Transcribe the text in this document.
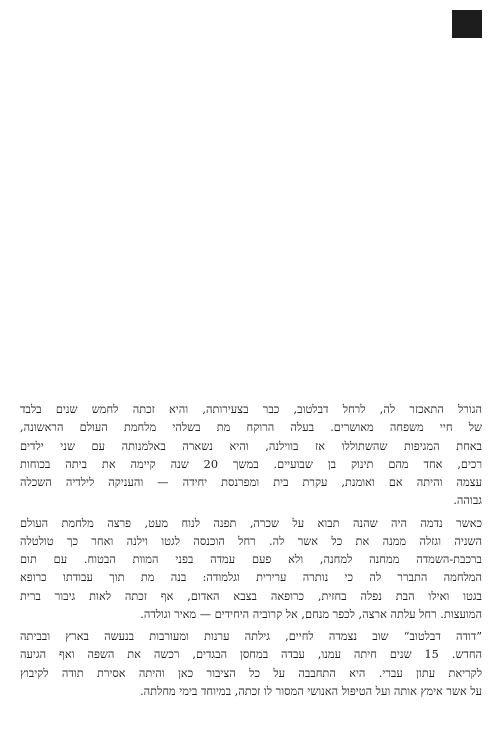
הגורל התאכזר לה, לרחל דבלטוב, כבר בצעירותה, והיא זכתה לחמש שנים בלבד
של חיי משפחה מאושרים. בעלה הרוקח מת בשלהי מלחמת העולם הראשונה,
באחת המגיפות שהשתוללו אז בווילנה, והיא נשארה באלמנותה עם שני ילדים
רכים, אחד מהם תינוק בן שבועיים. במשך 20 שנה קיימה את ביתה בכוחות
עצמה והיתה אם ואומנת, עקרת בית ומפרנסת יחידה — והעניקה לילדיה השכלה
גבוהה.
כאשר נדמה היה שהנה תבוא על שכרה, תפנה לנוח מעט, פרצה מלחמת העולם
השניה וגזלה ממנה את כל אשר לה. רחל הוכנסה לגטו וילנה ואחר כך טולטלה
ברכבת-השמדה ממחנה למחנה, ולא פעם עמדה בפני המוות הבטוח. עם תום
המלחמה התברר לה כי נותרה ערירית וגלמודה: בנה מת תוך עבודתו כרופא
בגטו ואילו הבת נפלה בחזית, כרופאה בצבא האדום, אף זכתה לאות גיבור ברית
המועצות. רחל עלתה ארצה, לכפר מנחם, אל קרוביה היחידים — מאיר וגולדה.
”דודה דבלטוב“ שוב נצמדה לחיים, גילתה ערנות ומעורבות בנעשה בארץ ובביתה
החדש. 15 שנים חיתה עמנו, עבדה במחסן הבגדים, רכשה את השפה ואף הגיעה
לקריאת עתון עברי. היא התחבבה על כל הציבור כאן והיתה אסירת תודה לקיבוץ
על אשר אימץ אותה ועל הטיפול האנושי המסור לו זכתה, במיוחד בימי מחלתה.
